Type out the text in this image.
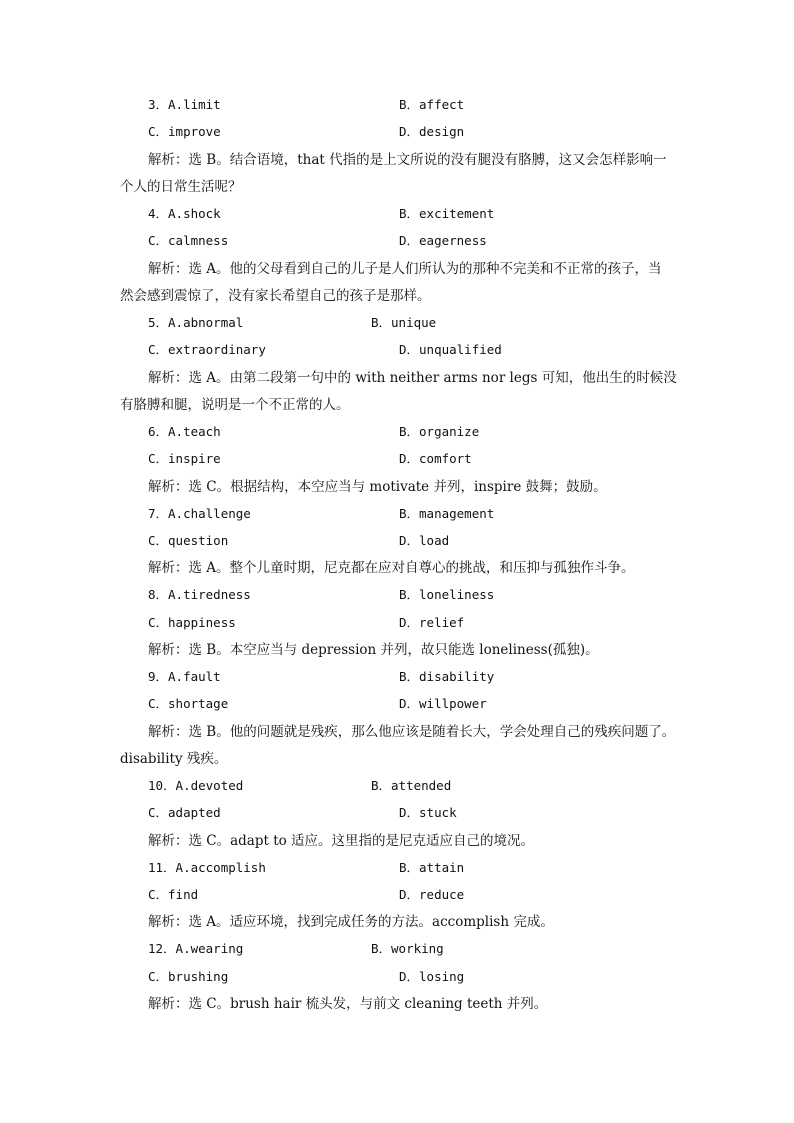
3．A.limit	B．affect
C．improve	D．design
解析：选 B。结合语境，that 代指的是上文所说的没有腿没有胳膊，这又会怎样影响一
个人的日常生活呢？
4．A.shock	B．excitement
C．calmness	D．eagerness
解析：选 A。他的父母看到自己的儿子是人们所认为的那种不完美和不正常的孩子，当
然会感到震惊了，没有家长希望自己的孩子是那样。
5．A.abnormal	B．unique
C．extraordinary	D．unqualified
解析：选 A。由第二段第一句中的 with neither arms nor legs 可知，他出生的时候没
有胳膊和腿，说明是一个不正常的人。
6．A.teach	B．organize
C．inspire	D．comfort
解析：选 C。根据结构，本空应当与 motivate 并列，inspire 鼓舞；鼓励。
7．A.challenge	B．management
C．question	D．load
解析：选 A。整个儿童时期，尼克都在应对自尊心的挑战，和压抑与孤独作斗争。
8．A.tiredness	B．loneliness
C．happiness	D．relief
解析：选 B。本空应当与 depression 并列，故只能选 loneliness(孤独)。
9．A.fault	B．disability
C．shortage	D．willpower
解析：选 B。他的问题就是残疾，那么他应该是随着长大，学会处理自己的残疾问题了。
disability 残疾。
10．A.devoted	B．attended
C．adapted	D．stuck
解析：选 C。adapt to 适应。这里指的是尼克适应自己的境况。
11．A.accomplish	B．attain
C．find	D．reduce
解析：选 A。适应环境，找到完成任务的方法。accomplish 完成。
12．A.wearing	B．working
C．brushing	D．losing
解析：选 C。brush hair 梳头发，与前文 cleaning teeth 并列。
